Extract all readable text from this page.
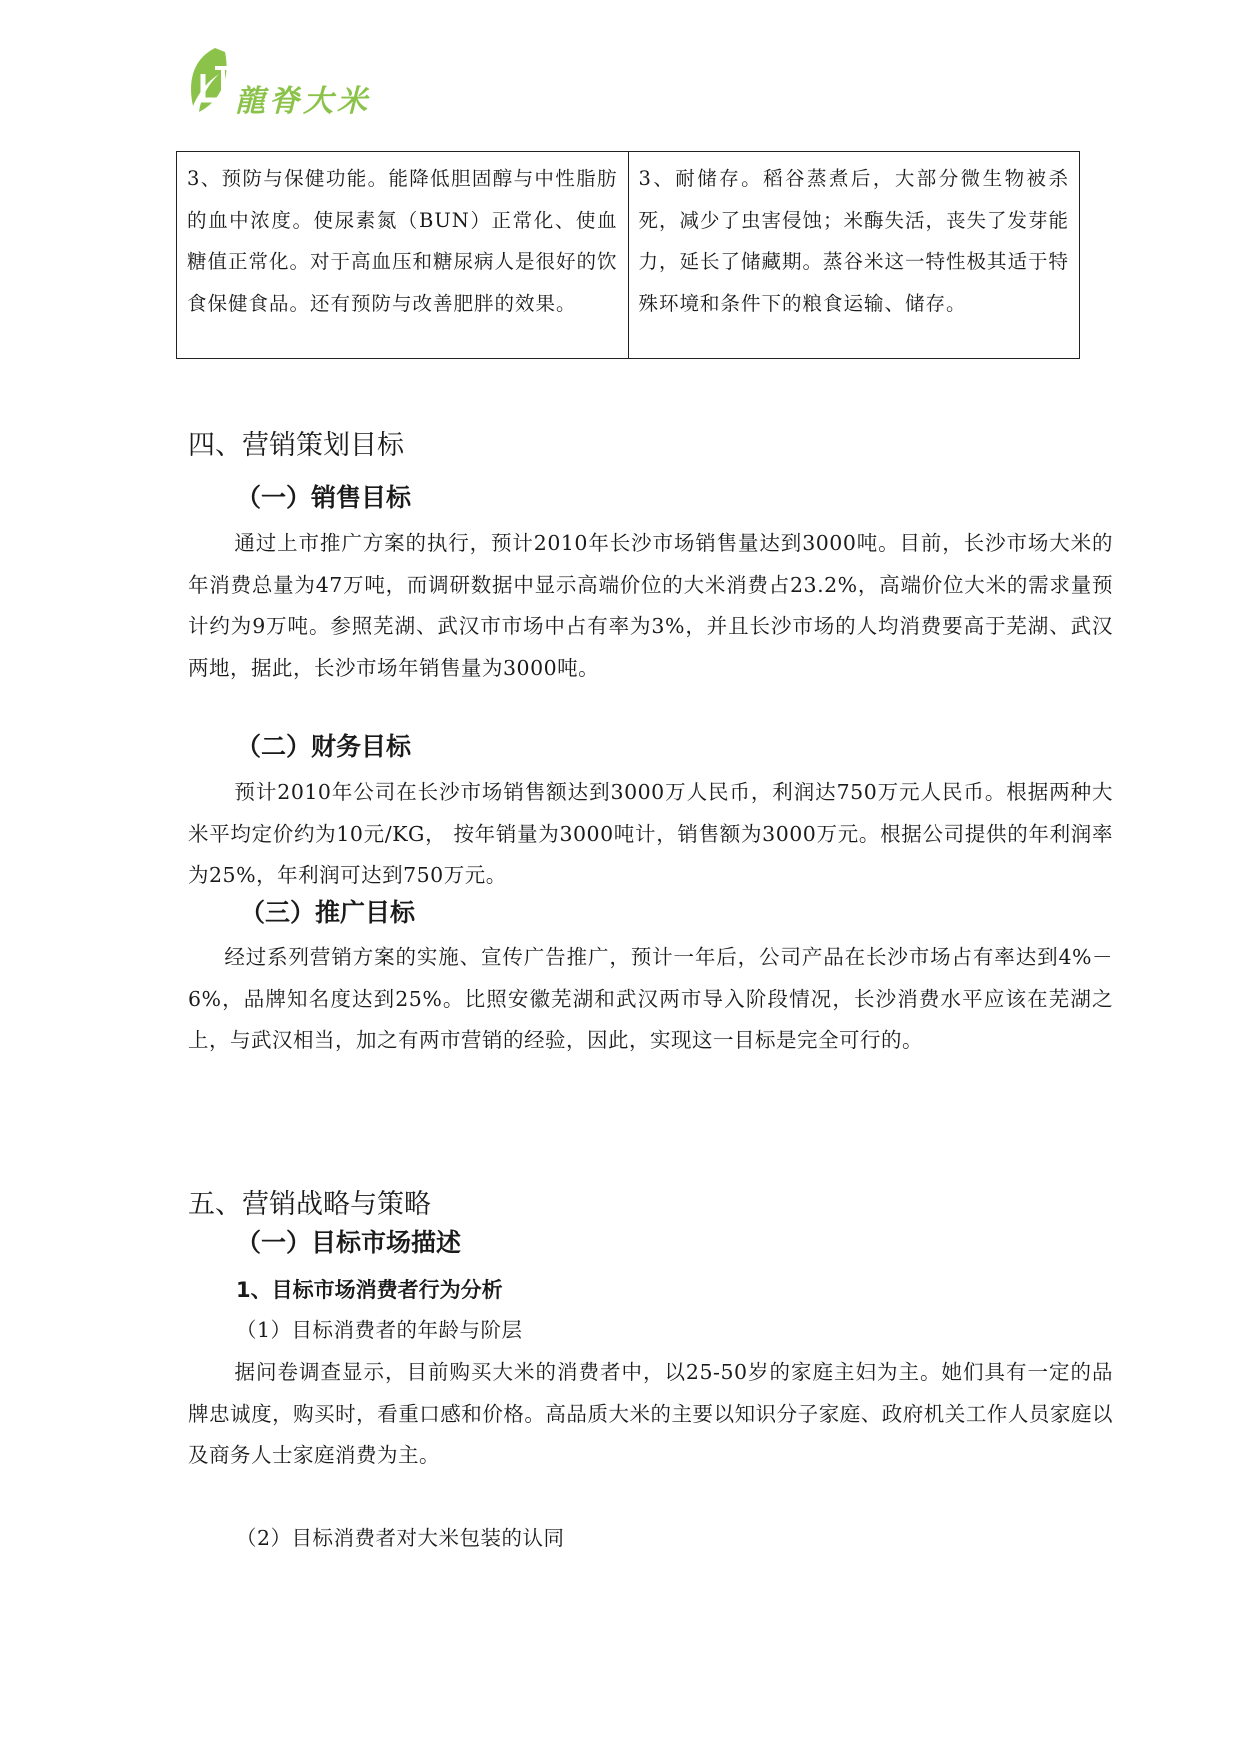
龍脊大米
3、预防与保健功能。能降低胆固醇与中性脂肪的血中浓度。使尿素氮（BUN）正常化、使血糖值正常化。对于高血压和糖尿病人是很好的饮食保健食品。还有预防与改善肥胖的效果。	3、耐储存。稻谷蒸煮后，大部分微生物被杀死，减少了虫害侵蚀；米酶失活，丧失了发芽能力，延长了储藏期。蒸谷米这一特性极其适于特殊环境和条件下的粮食运输、储存。
四、营销策划目标
（一）销售目标
通过上市推广方案的执行，预计2010年长沙市场销售量达到3000吨。目前，长沙市场大米的年消费总量为47万吨，而调研数据中显示高端价位的大米消费占23.2%，高端价位大米的需求量预计约为9万吨。参照芜湖、武汉市市场中占有率为3%，并且长沙市场的人均消费要高于芜湖、武汉两地，据此，长沙市场年销售量为3000吨。
（二）财务目标
预计2010年公司在长沙市场销售额达到3000万人民币，利润达750万元人民币。根据两种大米平均定价约为10元/KG， 按年销量为3000吨计，销售额为3000万元。根据公司提供的年利润率为25%，年利润可达到750万元。
（三）推广目标
经过系列营销方案的实施、宣传广告推广，预计一年后，公司产品在长沙市场占有率达到4%－6%，品牌知名度达到25%。比照安徽芜湖和武汉两市导入阶段情况，长沙消费水平应该在芜湖之上，与武汉相当，加之有两市营销的经验，因此，实现这一目标是完全可行的。
五、营销战略与策略
（一）目标市场描述
1、目标市场消费者行为分析
（1）目标消费者的年龄与阶层
据问卷调查显示，目前购买大米的消费者中，以25-50岁的家庭主妇为主。她们具有一定的品牌忠诚度，购买时，看重口感和价格。高品质大米的主要以知识分子家庭、政府机关工作人员家庭以及商务人士家庭消费为主。
（2）目标消费者对大米包装的认同
